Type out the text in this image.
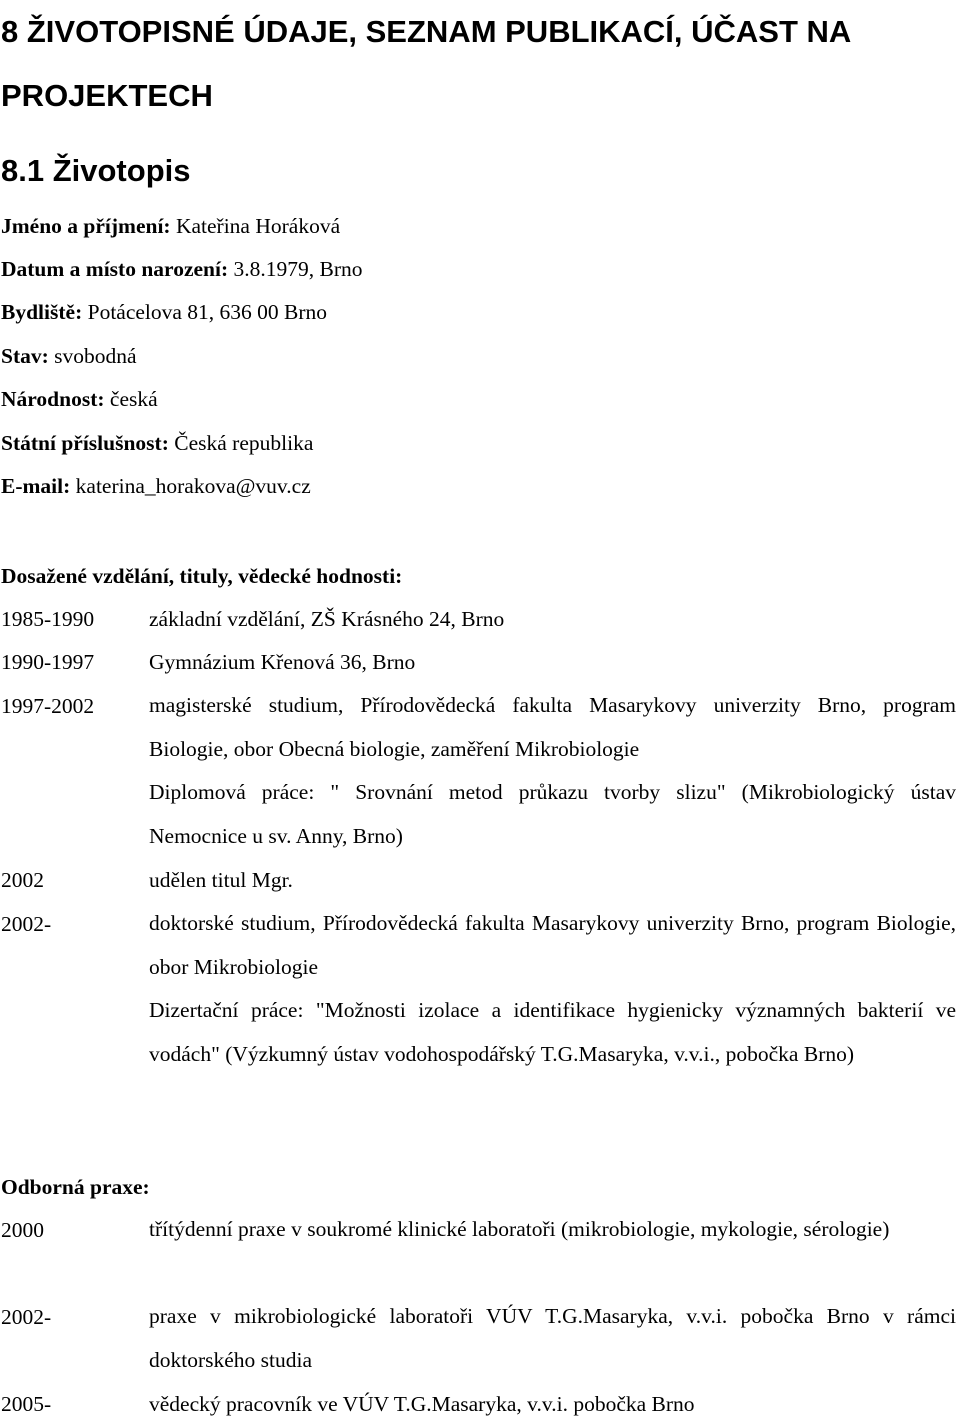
8 ŽIVOTOPISNÉ ÚDAJE, SEZNAM PUBLIKACÍ, ÚČAST NA PROJEKTECH
8.1 Životopis
Jméno a příjmení: Kateřina Horáková
Datum a místo narození: 3.8.1979, Brno
Bydliště: Potácelova 81, 636 00 Brno
Stav: svobodná
Národnost: česká
Státní příslušnost: Česká republika
E-mail: katerina_horakova@vuv.cz
Dosažené vzdělání, tituly, vědecké hodnosti:
1985-1990	základní vzdělání, ZŠ Krásného 24, Brno
1990-1997	Gymnázium Křenová 36, Brno
1997-2002	magisterské studium, Přírodovědecká fakulta Masarykovy univerzity Brno, program Biologie, obor Obecná biologie, zaměření Mikrobiologie
Diplomová práce: " Srovnání metod průkazu tvorby slizu" (Mikrobiologický ústav Nemocnice u sv. Anny, Brno)
2002	udělen titul Mgr.
2002-	doktorské studium, Přírodovědecká fakulta Masarykovy univerzity Brno, program Biologie, obor Mikrobiologie
Dizertační práce: "Možnosti izolace a identifikace hygienicky významných bakterií ve vodách" (Výzkumný ústav vodohospodářský T.G.Masaryka, v.v.i., pobočka Brno)
Odborná praxe:
2000	třítýdenní praxe v soukromé klinické laboratoři (mikrobiologie, mykologie, sérologie)
2002-	praxe v mikrobiologické laboratoři VÚV T.G.Masaryka, v.v.i. pobočka Brno v rámci doktorského studia
2005-	vědecký pracovník ve VÚV T.G.Masaryka, v.v.i. pobočka Brno
